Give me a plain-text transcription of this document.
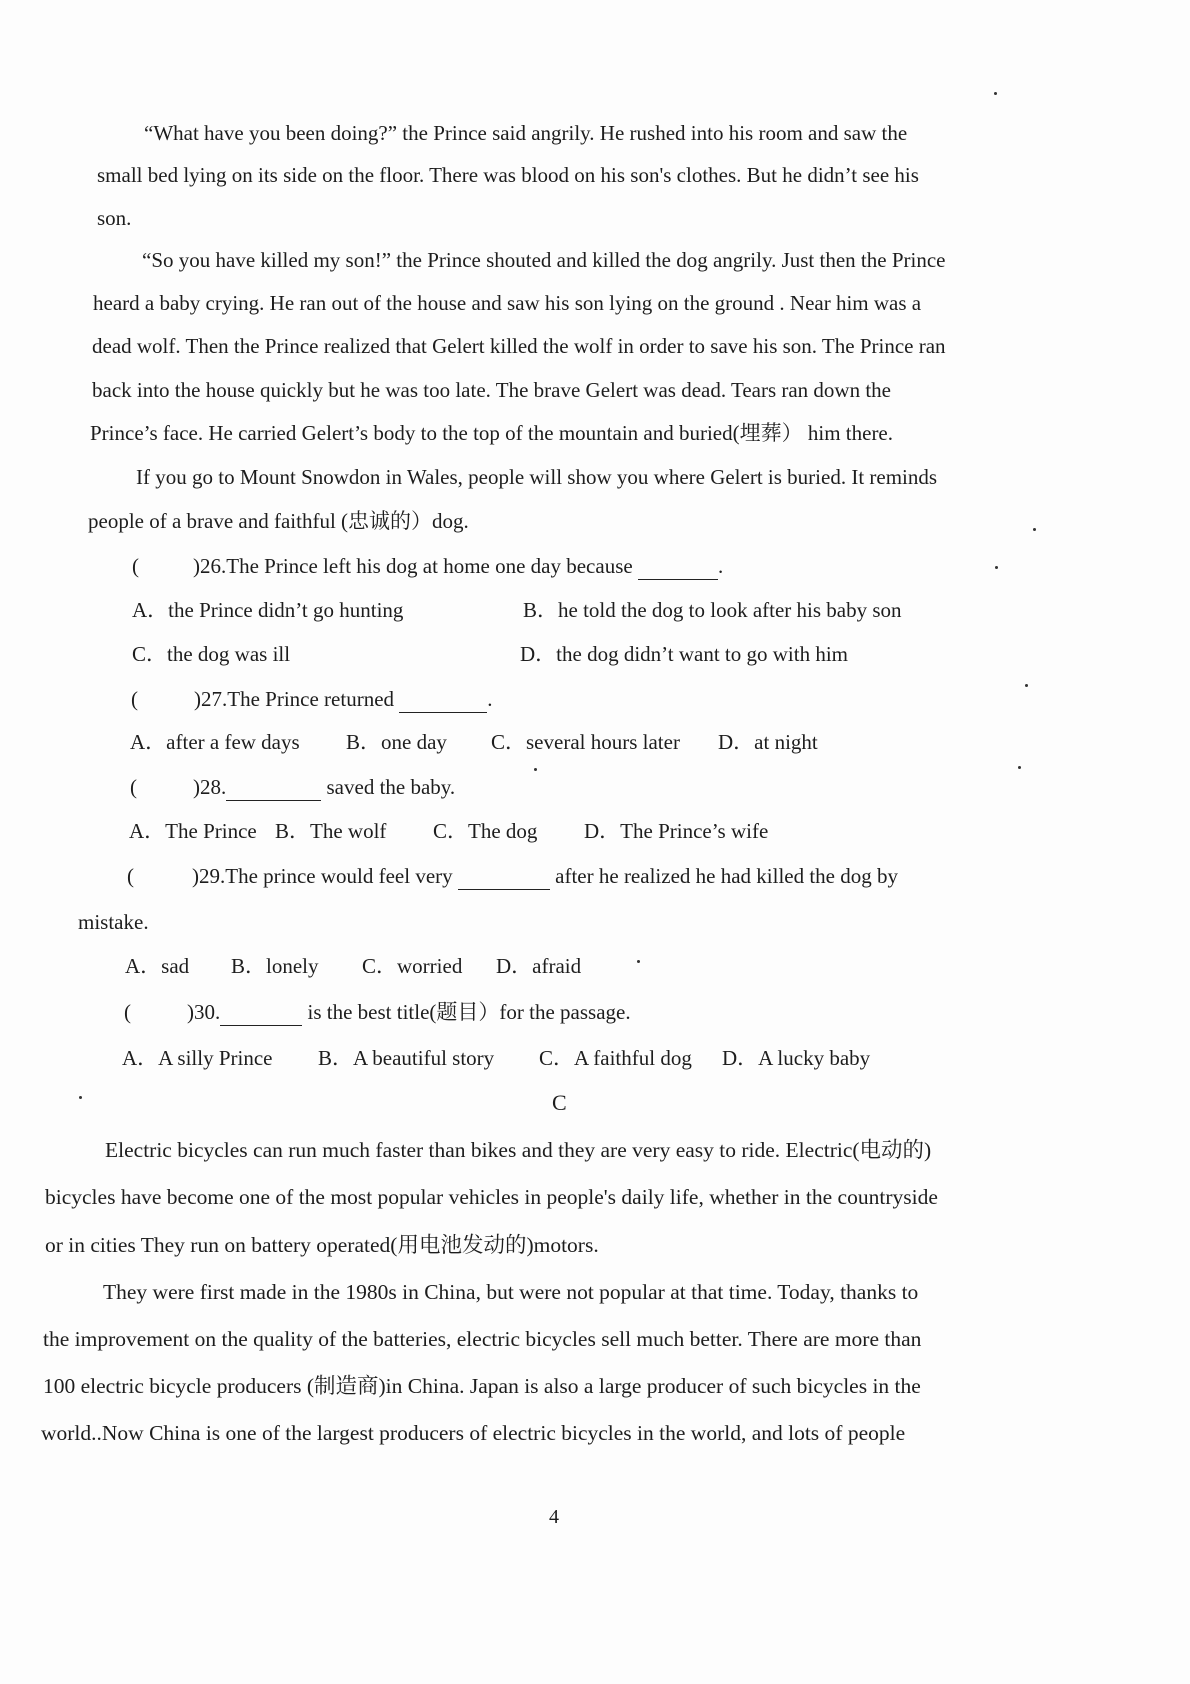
“What have you been doing?” the Prince said angrily. He rushed into his room and saw the
small bed lying on its side on the floor. There was blood on his son's clothes. But he didn’t see his
son.
“So you have killed my son!” the Prince shouted and killed the dog angrily. Just then the Prince
heard a baby crying. He ran out of the house and saw his son lying on the ground . Near him was a
dead wolf. Then the Prince realized that Gelert killed the wolf in order to save his son. The Prince ran
back into the house quickly but he was too late. The brave Gelert was dead. Tears ran down the
Prince’s face. He carried Gelert’s body to the top of the mountain and buried(埋葬） him there.
If you go to Mount Snowdon in Wales, people will show you where Gelert is buried. It reminds
people of a brave and faithful (忠诚的）dog.
(	)26.The Prince left his dog at home one day because	.
A．the Prince didn’t go hunting	B．he told the dog to look after his baby son
C．the dog was ill	D．the dog didn’t want to go with him
(	)27.The Prince returned	.
A．after a few days B．one day C．several hours later D．at night
(	)28.	saved the baby.
A．The Prince B．The wolf C．The dog D．The Prince’s wife
(	)29.The prince would feel very	after he realized he had killed the dog by
mistake.
A．sad B．lonely C．worried D．afraid
(	)30.	is the best title(题目）for the passage.
A．A silly Prince B．A beautiful story C．A faithful dog D．A lucky baby
C
Electric bicycles can run much faster than bikes and they are very easy to ride. Electric(电动的)
bicycles have become one of the most popular vehicles in people's daily life, whether in the countryside
or in cities They run on battery operated(用电池发动的)motors.
They were first made in the 1980s in China, but were not popular at that time. Today, thanks to
the improvement on the quality of the batteries, electric bicycles sell much better. There are more than
100 electric bicycle producers (制造商)in China. Japan is also a large producer of such bicycles in the
world..Now China is one of the largest producers of electric bicycles in the world, and lots of people
4
